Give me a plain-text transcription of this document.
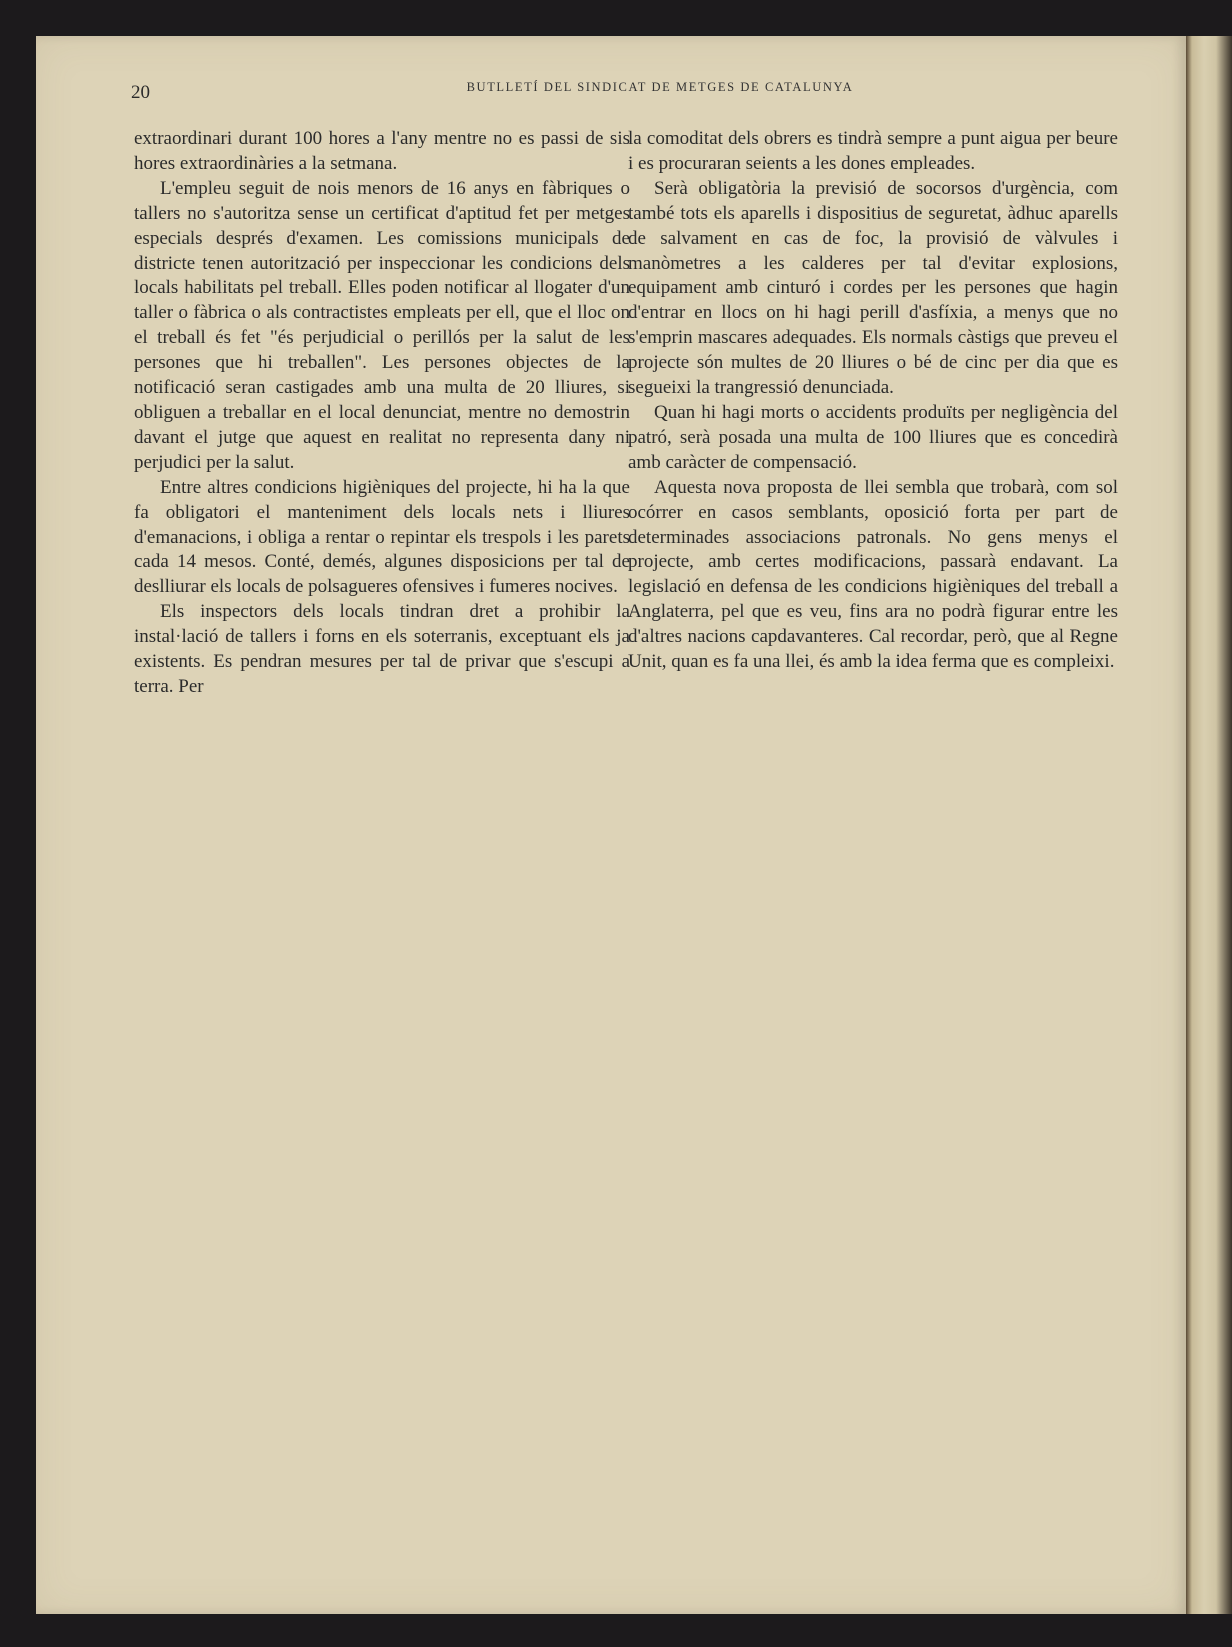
20	BUTLLETÍ DEL SINDICAT DE METGES DE CATALUNYA

extraordinari durant 100 hores a l'any mentre no es passi de sis hores extraordinàries a la setmana.

L'empleu seguit de nois menors de 16 anys en fàbriques o tallers no s'autoritza sense un certificat d'aptitud fet per metges especials després d'examen. Les comissions municipals de districte tenen autorització per inspeccionar les condicions dels locals habilitats pel treball. Elles poden notificar al llogater d'un taller o fàbrica o als contractistes empleats per ell, que el lloc on el treball és fet "és perjudicial o perillós per la salut de les persones que hi treballen". Les persones objectes de la notificació seran castigades amb una multa de 20 lliures, si obliguen a treballar en el local denunciat, mentre no demostrin davant el jutge que aquest en realitat no representa dany ni perjudici per la salut.

Entre altres condicions higièniques del projecte, hi ha la que fa obligatori el manteniment dels locals nets i lliures d'emanacions, i obliga a rentar o repintar els trespols i les parets cada 14 mesos. Conté, demés, algunes disposicions per tal de deslliurar els locals de polsagueres ofensives i fumeres nocives.

Els inspectors dels locals tindran dret a prohibir la instal·lació de tallers i forns en els soterranis, exceptuant els ja existents. Es pendran mesures per tal de privar que s'escupi a terra. Per

la comoditat dels obrers es tindrà sempre a punt aigua per beure i es procuraran seients a les dones empleades.

Serà obligatòria la previsió de socorsos d'urgència, com també tots els aparells i dispositius de seguretat, àdhuc aparells de salvament en cas de foc, la provisió de vàlvules i manòmetres a les calderes per tal d'evitar explosions, equipament amb cinturó i cordes per les persones que hagin d'entrar en llocs on hi hagi perill d'asfíxia, a menys que no s'emprin mascares adequades. Els normals càstigs que preveu el projecte són multes de 20 lliures o bé de cinc per dia que es segueixi la trangressió denunciada.

Quan hi hagi morts o accidents produïts per negligència del patró, serà posada una multa de 100 lliures que es concedirà amb caràcter de compensació.

Aquesta nova proposta de llei sembla que trobarà, com sol ocórrer en casos semblants, oposició forta per part de determinades associacions patronals. No gens menys el projecte, amb certes modificacions, passarà endavant. La legislació en defensa de les condicions higièniques del treball a Anglaterra, pel que es veu, fins ara no podrà figurar entre les d'altres nacions capdavanteres. Cal recordar, però, que al Regne Unit, quan es fa una llei, és amb la idea ferma que es compleixi.
